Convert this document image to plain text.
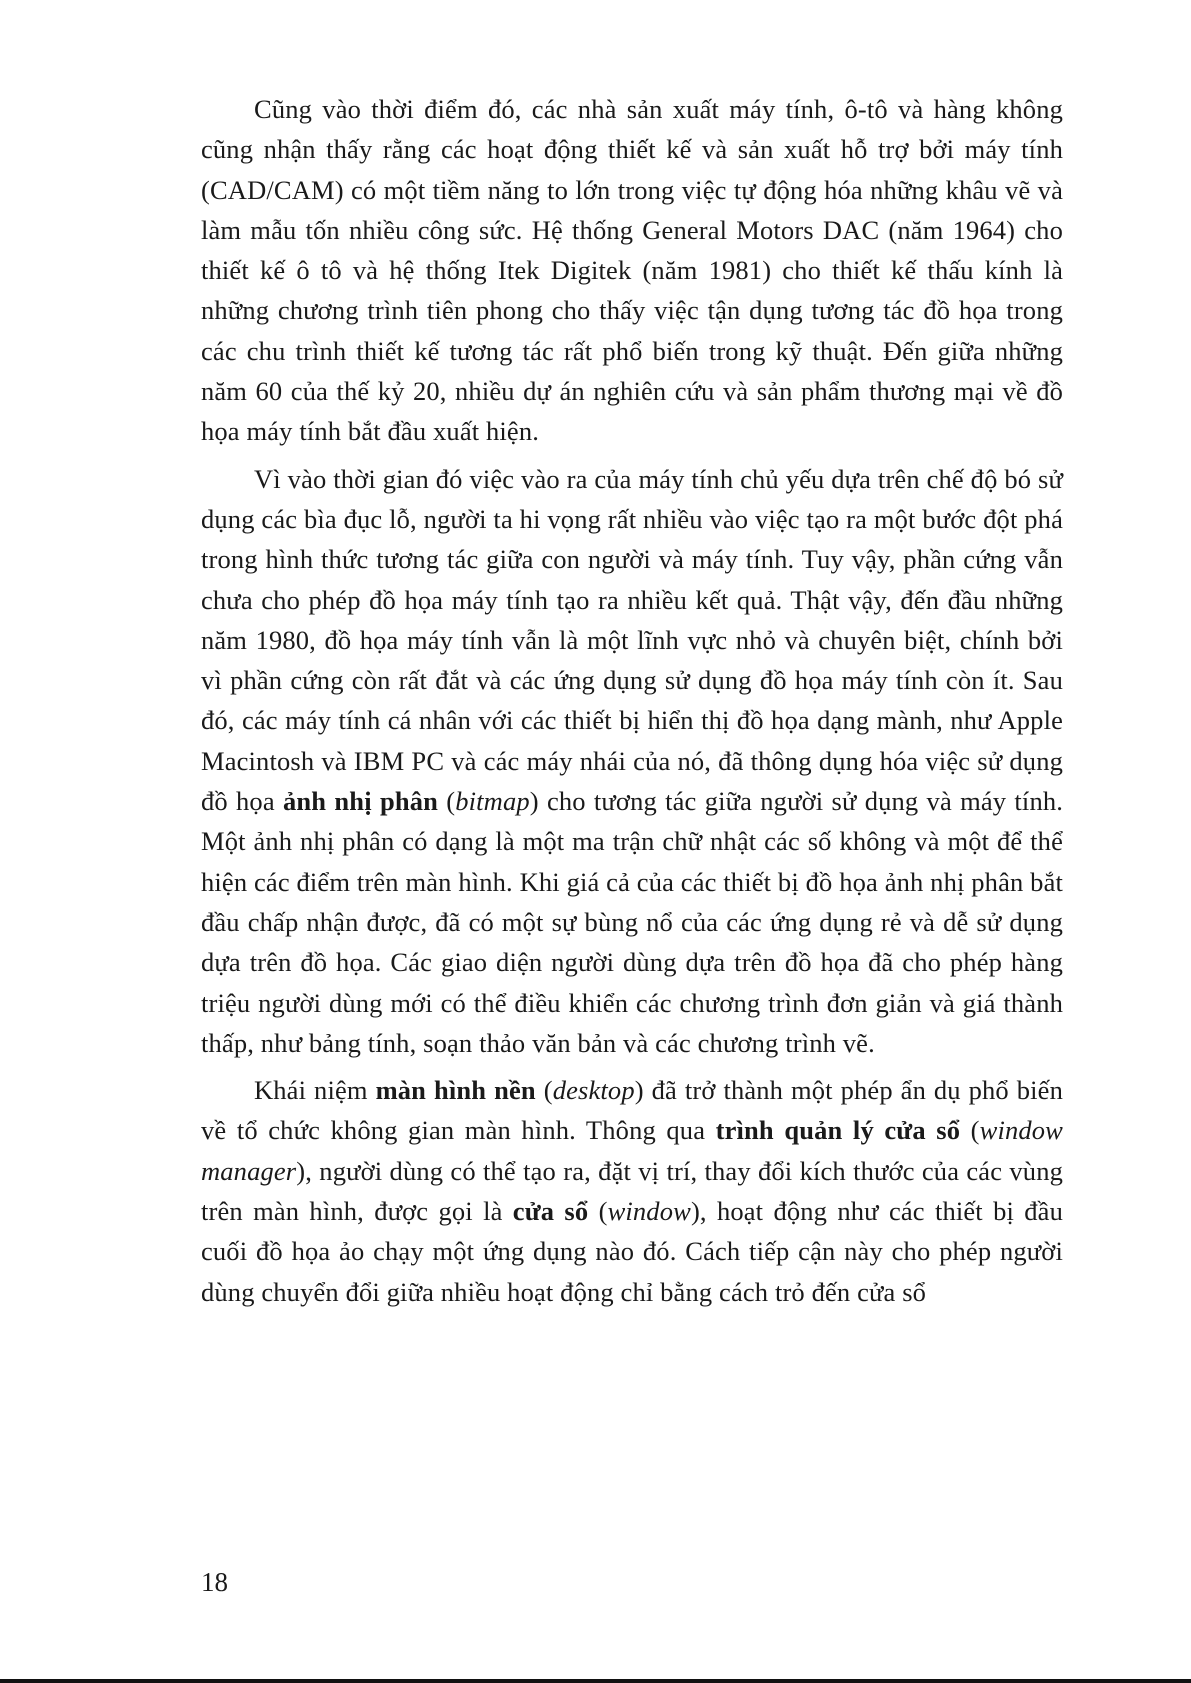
Cũng vào thời điểm đó, các nhà sản xuất máy tính, ô-tô và hàng không cũng nhận thấy rằng các hoạt động thiết kế và sản xuất hỗ trợ bởi máy tính (CAD/CAM) có một tiềm năng to lớn trong việc tự động hóa những khâu vẽ và làm mẫu tốn nhiều công sức. Hệ thống General Motors DAC (năm 1964) cho thiết kế ô tô và hệ thống Itek Digitek (năm 1981) cho thiết kế thấu kính là những chương trình tiên phong cho thấy việc tận dụng tương tác đồ họa trong các chu trình thiết kế tương tác rất phổ biến trong kỹ thuật. Đến giữa những năm 60 của thế kỷ 20, nhiều dự án nghiên cứu và sản phẩm thương mại về đồ họa máy tính bắt đầu xuất hiện.

Vì vào thời gian đó việc vào ra của máy tính chủ yếu dựa trên chế độ bó sử dụng các bìa đục lỗ, người ta hi vọng rất nhiều vào việc tạo ra một bước đột phá trong hình thức tương tác giữa con người và máy tính. Tuy vậy, phần cứng vẫn chưa cho phép đồ họa máy tính tạo ra nhiều kết quả. Thật vậy, đến đầu những năm 1980, đồ họa máy tính vẫn là một lĩnh vực nhỏ và chuyên biệt, chính bởi vì phần cứng còn rất đắt và các ứng dụng sử dụng đồ họa máy tính còn ít. Sau đó, các máy tính cá nhân với các thiết bị hiển thị đồ họa dạng mành, như Apple Macintosh và IBM PC và các máy nhái của nó, đã thông dụng hóa việc sử dụng đồ họa ảnh nhị phân (bitmap) cho tương tác giữa người sử dụng và máy tính. Một ảnh nhị phân có dạng là một ma trận chữ nhật các số không và một để thể hiện các điểm trên màn hình. Khi giá cả của các thiết bị đồ họa ảnh nhị phân bắt đầu chấp nhận được, đã có một sự bùng nổ của các ứng dụng rẻ và dễ sử dụng dựa trên đồ họa. Các giao diện người dùng dựa trên đồ họa đã cho phép hàng triệu người dùng mới có thể điều khiển các chương trình đơn giản và giá thành thấp, như bảng tính, soạn thảo văn bản và các chương trình vẽ.

Khái niệm màn hình nền (desktop) đã trở thành một phép ẩn dụ phổ biến về tổ chức không gian màn hình. Thông qua trình quản lý cửa sổ (window manager), người dùng có thể tạo ra, đặt vị trí, thay đổi kích thước của các vùng trên màn hình, được gọi là cửa sổ (window), hoạt động như các thiết bị đầu cuối đồ họa ảo chạy một ứng dụng nào đó. Cách tiếp cận này cho phép người dùng chuyển đổi giữa nhiều hoạt động chỉ bằng cách trỏ đến cửa sổ

18
